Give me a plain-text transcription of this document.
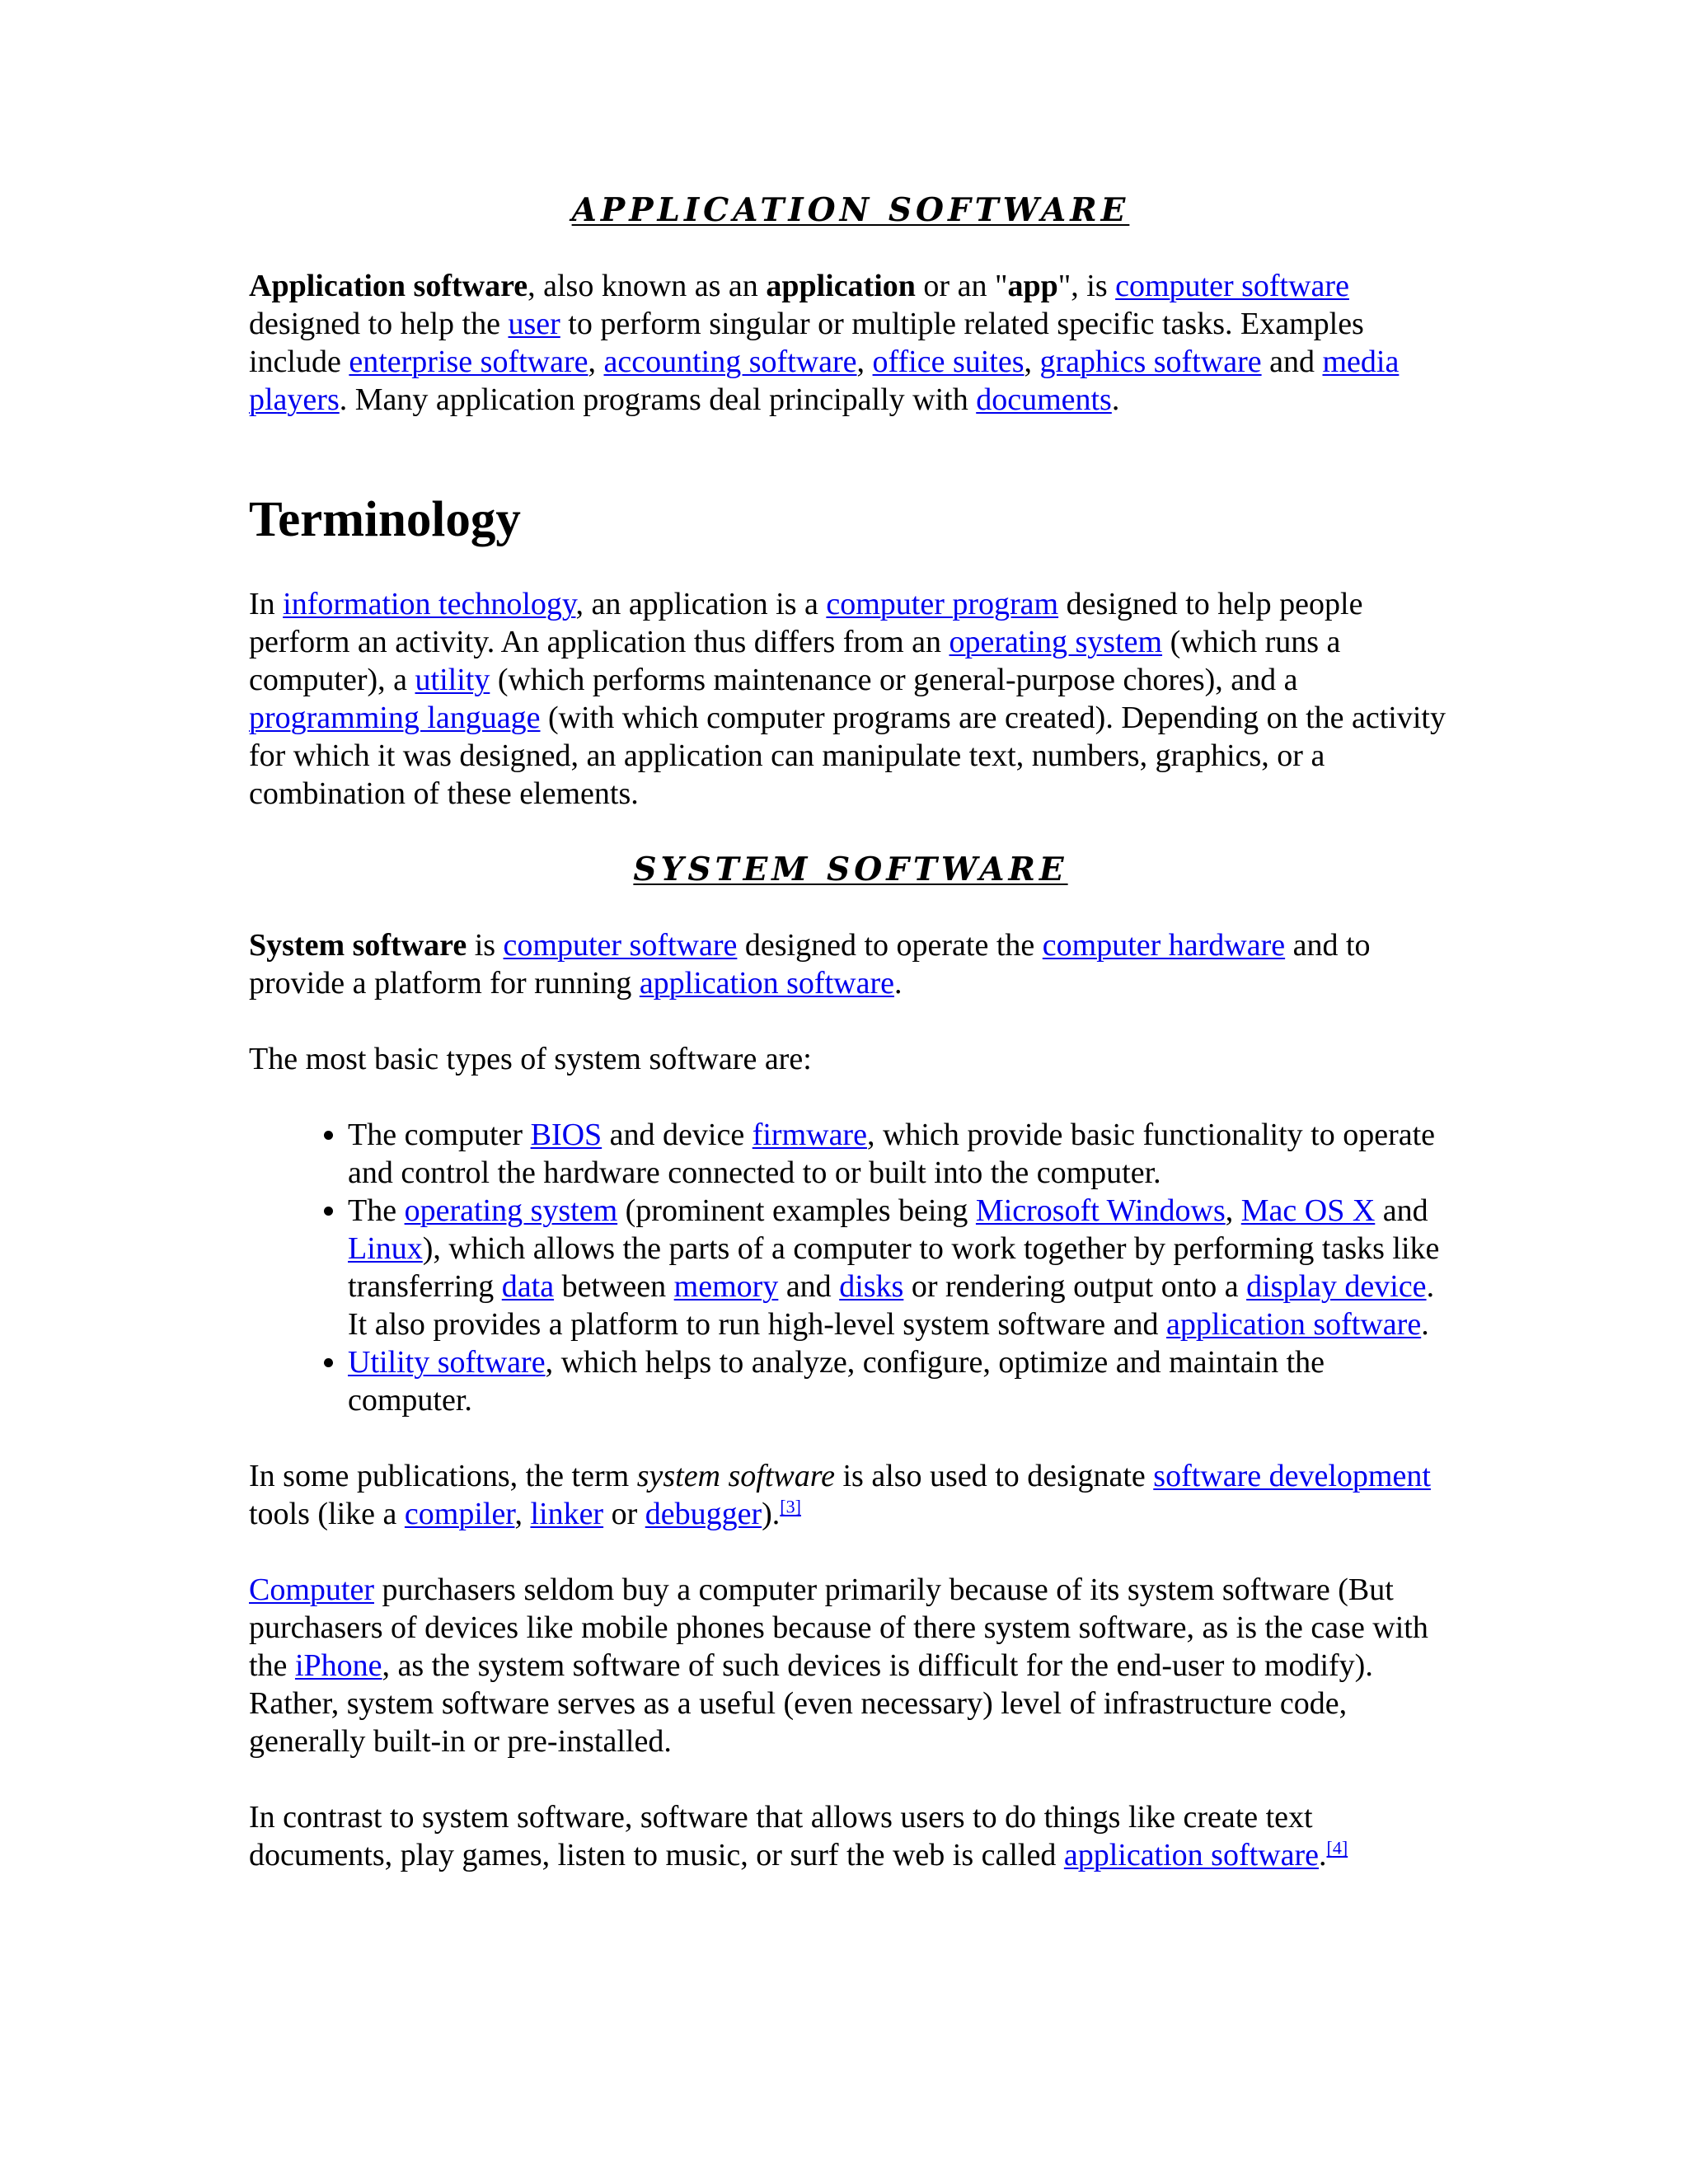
APPLICATION SOFTWARE

Application software, also known as an application or an "app", is computer software designed to help the user to perform singular or multiple related specific tasks. Examples include enterprise software, accounting software, office suites, graphics software and media players. Many application programs deal principally with documents.

Terminology

In information technology, an application is a computer program designed to help people perform an activity. An application thus differs from an operating system (which runs a computer), a utility (which performs maintenance or general-purpose chores), and a programming language (with which computer programs are created). Depending on the activity for which it was designed, an application can manipulate text, numbers, graphics, or a combination of these elements.

SYSTEM SOFTWARE

System software is computer software designed to operate the computer hardware and to provide a platform for running application software.

The most basic types of system software are:

• The computer BIOS and device firmware, which provide basic functionality to operate and control the hardware connected to or built into the computer.
• The operating system (prominent examples being Microsoft Windows, Mac OS X and Linux), which allows the parts of a computer to work together by performing tasks like transferring data between memory and disks or rendering output onto a display device. It also provides a platform to run high-level system software and application software.
• Utility software, which helps to analyze, configure, optimize and maintain the computer.

In some publications, the term system software is also used to designate software development tools (like a compiler, linker or debugger).[3]

Computer purchasers seldom buy a computer primarily because of its system software (But purchasers of devices like mobile phones because of there system software, as is the case with the iPhone, as the system software of such devices is difficult for the end-user to modify). Rather, system software serves as a useful (even necessary) level of infrastructure code, generally built-in or pre-installed.

In contrast to system software, software that allows users to do things like create text documents, play games, listen to music, or surf the web is called application software.[4]
